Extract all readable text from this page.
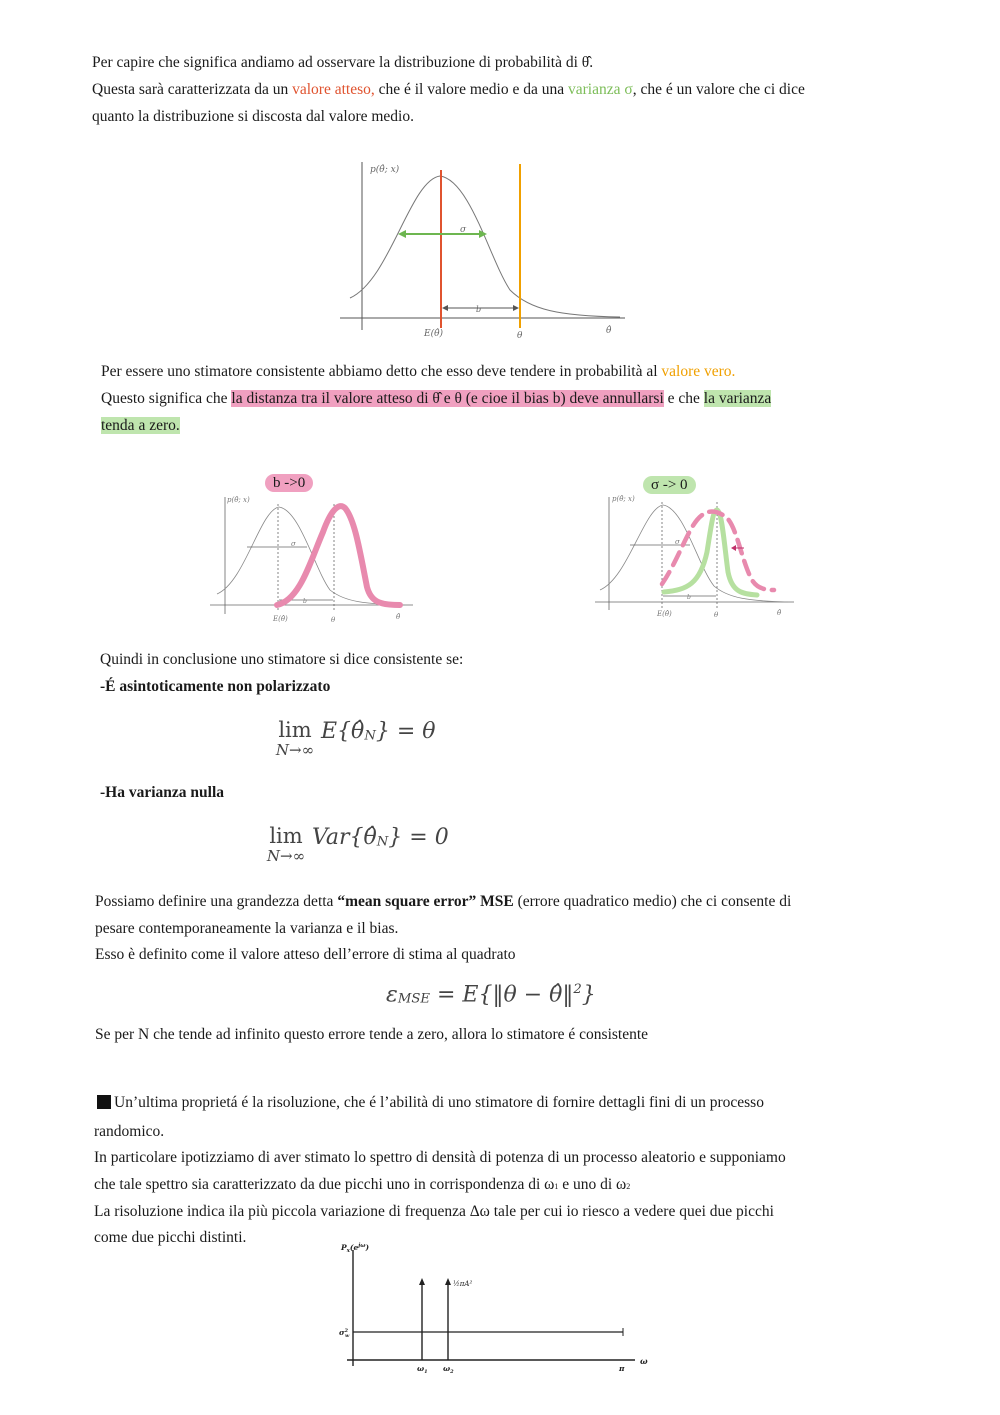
Per capire che significa andiamo ad osservare la distribuzione di probabilità di θ̂.
Questa sarà caratterizzata da un valore atteso, che é il valore medio e da una varianza σ, che é un valore che ci dice
quanto la distribuzione si discosta dal valore medio.
p(θ̂; x)
σ
b
E(θ̂)	θ	θ̂
Per essere uno stimatore consistente abbiamo detto che esso deve tendere in probabilità al valore vero.
Questo significa che la distanza tra il valore atteso di θ̂ e θ (e cioe il bias b) deve annullarsi e che la varianza
tenda a zero.
b ->0
p(θ̂; x)
σ
b
E(θ̂)	θ	θ̂
σ -> 0
p(θ̂; x)
σ
b
E(θ̂)	θ	θ̂
Quindi in conclusione uno stimatore si dice consistente se:
-É asintoticamente non polarizzato
lim
N→∞
E{θ̂N} = θ
-Ha varianza nulla
lim
N→∞
Var{θ̂N} = 0
Possiamo definire una grandezza detta “mean square error” MSE (errore quadratico medio) che ci consente di
pesare contemporaneamente la varianza e il bias.
Esso è definito come il valore atteso dell’errore di stima al quadrato
εMSE = E{‖θ − θ̂‖$^2$}
Se per N che tende ad infinito questo errore tende a zero, allora lo stimatore é consistente
Un’ultima proprietá é la risoluzione, che é l’abilità di uno stimatore di fornire dettagli fini di un processo
randomico.
In particolare ipotizziamo di aver stimato lo spettro di densità di potenza di un processo aleatorio e supponiamo
che tale spettro sia caratterizzato da due picchi uno in corrispondenza di ω1 e uno di ω2
La risoluzione indica ila più piccola variazione di frequenza Δω tale per cui io riesco a vedere quei due picchi
come due picchi distinti.
$P_x(e^{j\omega})$
½πA²
$\sigma^2$ w
$\omega_1$ $\omega_2$	π
ω
